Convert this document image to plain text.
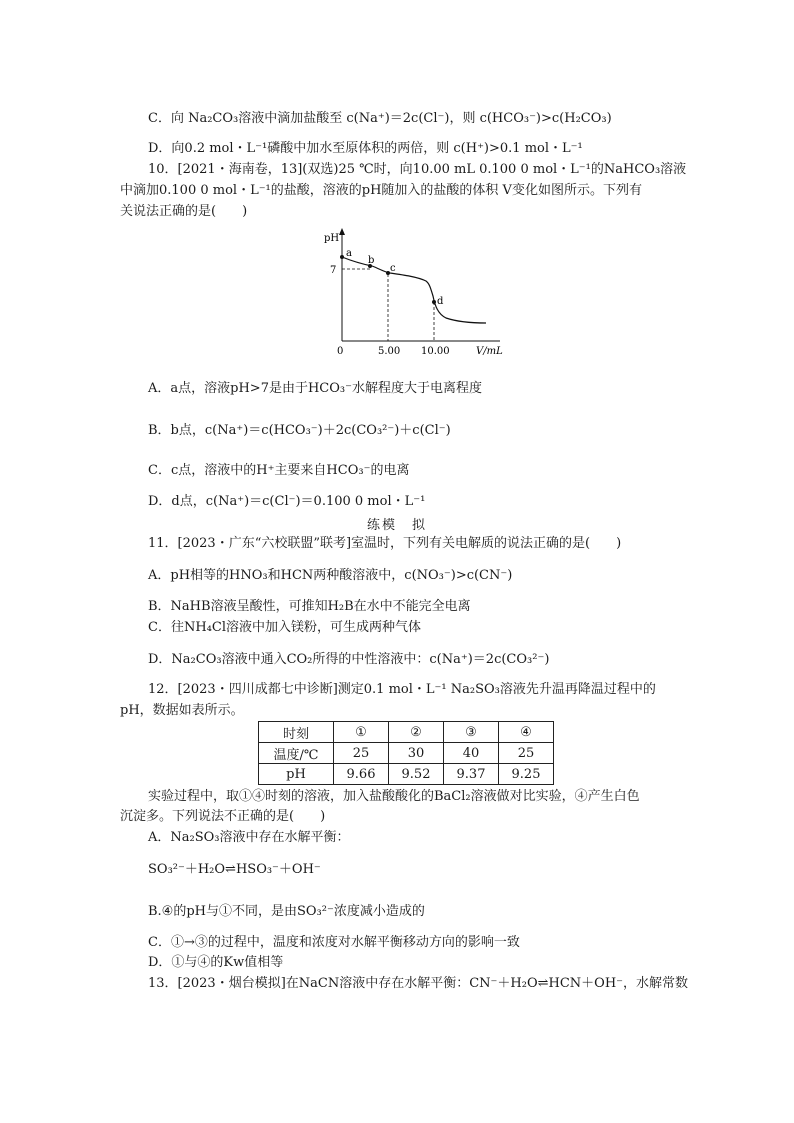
C．向 Na₂CO₃溶液中滴加盐酸至 c(Na⁺)＝2c(Cl⁻)，则 c(HCO₃⁻)>c(H₂CO₃)
D．向0.2 mol・L⁻¹磷酸中加水至原体积的两倍，则 c(H⁺)>0.1 mol・L⁻¹
10．[2021・海南卷，13](双选)25 ℃时，向10.00 mL 0.100 0 mol・L⁻¹的NaHCO₃溶液
中滴加0.100 0 mol・L⁻¹的盐酸，溶液的pH随加入的盐酸的体积 V变化如图所示。下列有
关说法正确的是(　　)
pH
V/mL
0	5.00 10.00
7
a
b
c
d
A．a点，溶液pH>7是由于HCO₃⁻水解程度大于电离程度
B．b点，c(Na⁺)＝c(HCO₃⁻)＋2c(CO₃²⁻)＋c(Cl⁻)
C．c点，溶液中的H⁺主要来自HCO₃⁻的电离
D．d点，c(Na⁺)＝c(Cl⁻)＝0.100 0 mol・L⁻¹
练模　拟
11．[2023・广东“六校联盟”联考]室温时，下列有关电解质的说法正确的是(　　)
A．pH相等的HNO₃和HCN两种酸溶液中，c(NO₃⁻)>c(CN⁻)
B．NaHB溶液呈酸性，可推知H₂B在水中不能完全电离
C．往NH₄Cl溶液中加入镁粉，可生成两种气体
D．Na₂CO₃溶液中通入CO₂所得的中性溶液中：c(Na⁺)＝2c(CO₃²⁻)
12．[2023・四川成都七中诊断]测定0.1 mol・L⁻¹ Na₂SO₃溶液先升温再降温过程中的
pH，数据如表所示。
时刻	①	②	③	④
温度/℃	25	30	40	25
pH	9.66	9.52	9.37	9.25
实验过程中，取①④时刻的溶液，加入盐酸酸化的BaCl₂溶液做对比实验，④产生白色
沉淀多。下列说法不正确的是(　　)
A．Na₂SO₃溶液中存在水解平衡：
SO₃²⁻＋H₂O⇌HSO₃⁻＋OH⁻
B.④的pH与①不同，是由SO₃²⁻浓度减小造成的
C．①→③的过程中，温度和浓度对水解平衡移动方向的影响一致
D．①与④的Kw值相等
13．[2023・烟台模拟]在NaCN溶液中存在水解平衡：CN⁻＋H₂O⇌HCN＋OH⁻，水解常数
